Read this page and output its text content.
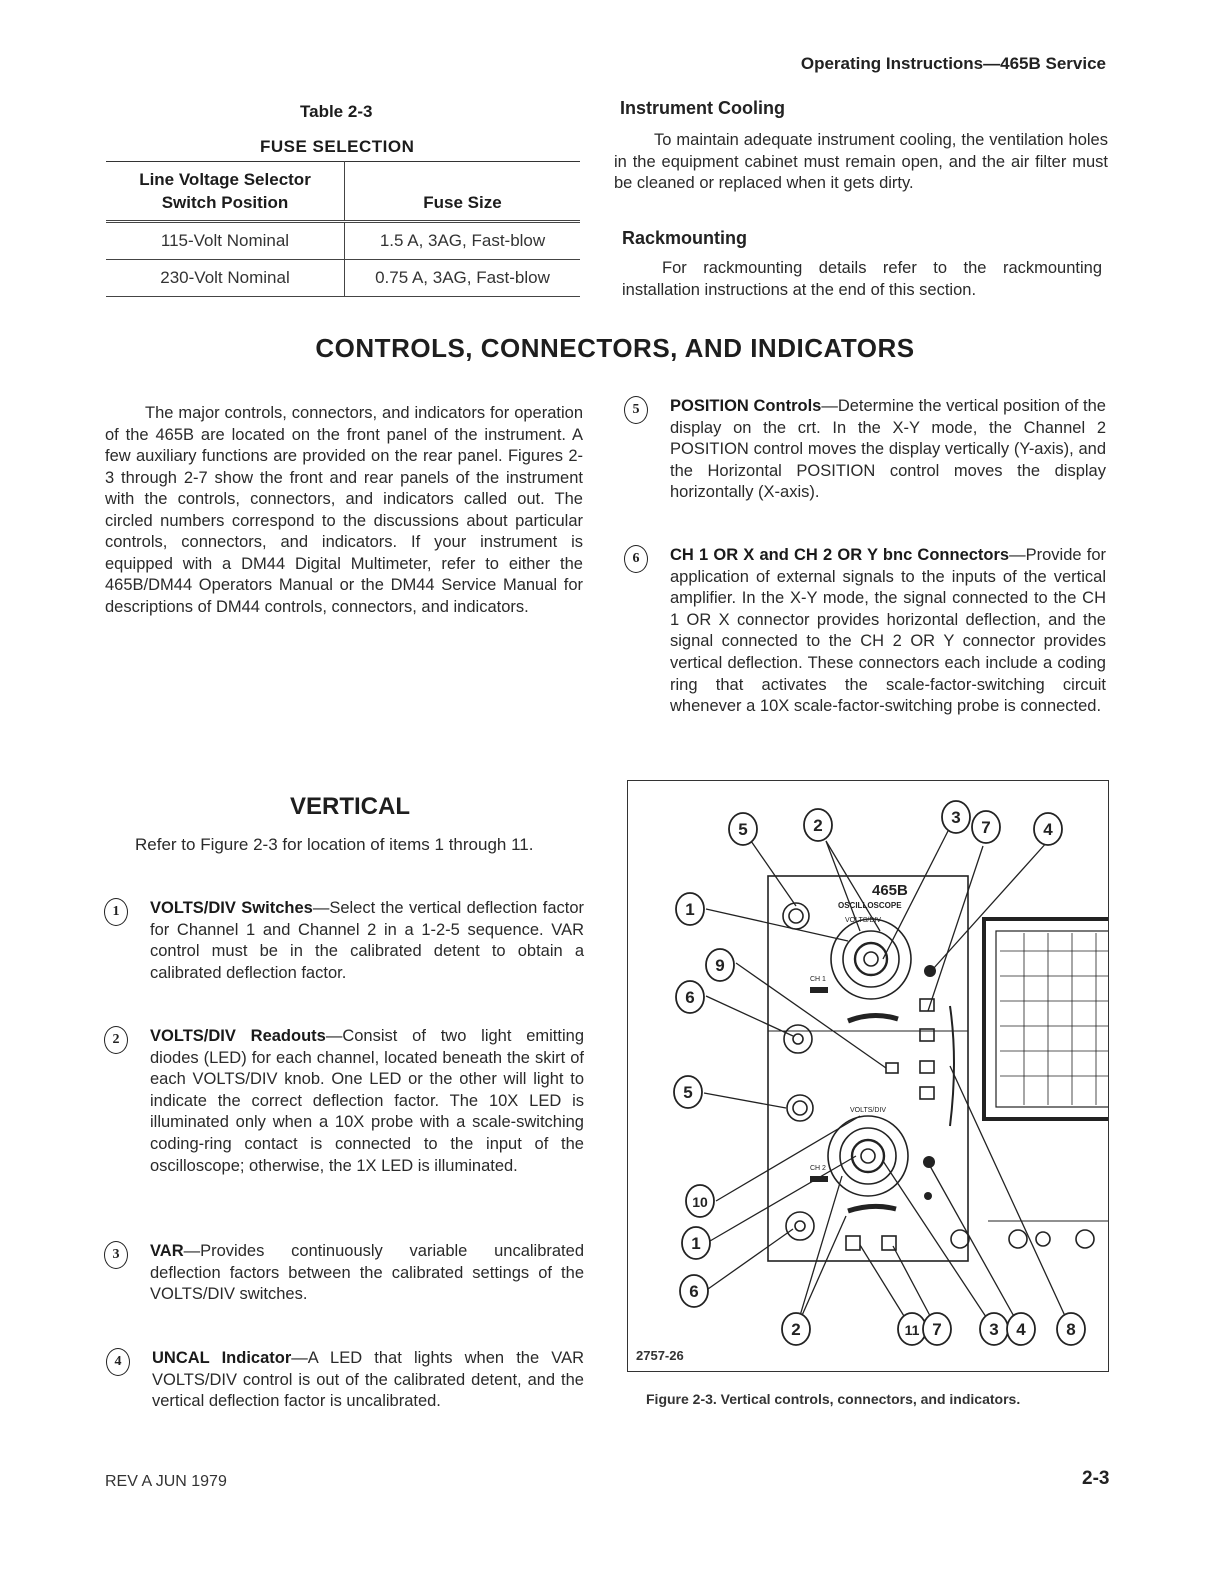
Operating Instructions—465B Service
Table 2-3
FUSE SELECTION
Line Voltage Selector
Switch Position	Fuse Size
115-Volt Nominal	1.5 A, 3AG, Fast-blow
230-Volt Nominal	0.75 A, 3AG, Fast-blow
Instrument Cooling
To maintain adequate instrument cooling, the ventilation holes in the equipment cabinet must remain open, and the air filter must be cleaned or replaced when it gets dirty.
Rackmounting
For rackmounting details refer to the rackmounting installation instructions at the end of this section.
CONTROLS, CONNECTORS, AND INDICATORS
The major controls, connectors, and indicators for operation of the 465B are located on the front panel of the instrument. A few auxiliary functions are provided on the rear panel. Figures 2-3 through 2-7 show the front and rear panels of the instrument with the controls, connectors, and indicators called out. The circled numbers correspond to the discussions about particular controls, connectors, and indicators. If your instrument is equipped with a DM44 Digital Multimeter, refer to either the 465B/DM44 Operators Manual or the DM44 Service Manual for descriptions of DM44 controls, connectors, and indicators.
VERTICAL
Refer to Figure 2-3 for location of items 1 through 11.
1	VOLTS/DIV Switches—Select the vertical deflection factor for Channel 1 and Channel 2 in a 1-2-5 sequence. VAR control must be in the calibrated detent to obtain a calibrated deflection factor.
2	VOLTS/DIV Readouts—Consist of two light emitting diodes (LED) for each channel, located beneath the skirt of each VOLTS/DIV knob. One LED or the other will light to indicate the correct deflection factor. The 10X LED is illuminated only when a 10X probe with a scale-switching coding-ring contact is connected to the input of the oscilloscope; otherwise, the 1X LED is illuminated.
3	VAR—Provides continuously variable uncalibrated deflection factors between the calibrated settings of the VOLTS/DIV switches.
4	UNCAL Indicator—A LED that lights when the VAR VOLTS/DIV control is out of the calibrated detent, and the vertical deflection factor is uncalibrated.
5	POSITION Controls—Determine the vertical position of the display on the crt. In the X-Y mode, the Channel 2 POSITION control moves the display vertically (Y-axis), and the Horizontal POSITION control moves the display horizontally (X-axis).
6	CH 1 OR X and CH 2 OR Y bnc Connectors—Provide for application of external signals to the inputs of the vertical amplifier. In the X-Y mode, the signal connected to the CH 1 OR X connector provides horizontal deflection, and the signal connected to the CH 2 OR Y connector provides vertical deflection. These connectors each include a coding ring that activates the scale-factor-switching circuit whenever a 10X scale-factor-switching probe is connected.
465B
OSCILLOSCOPE
VOLTS/DIV
VOLTS/DIV
CH 1
CH 2
5	2	3
7	4
1
9
6
5
10
1
6
2	11 7	3 4 8
2757-26
Figure 2-3. Vertical controls, connectors, and indicators.
REV A JUN 1979	2-3
